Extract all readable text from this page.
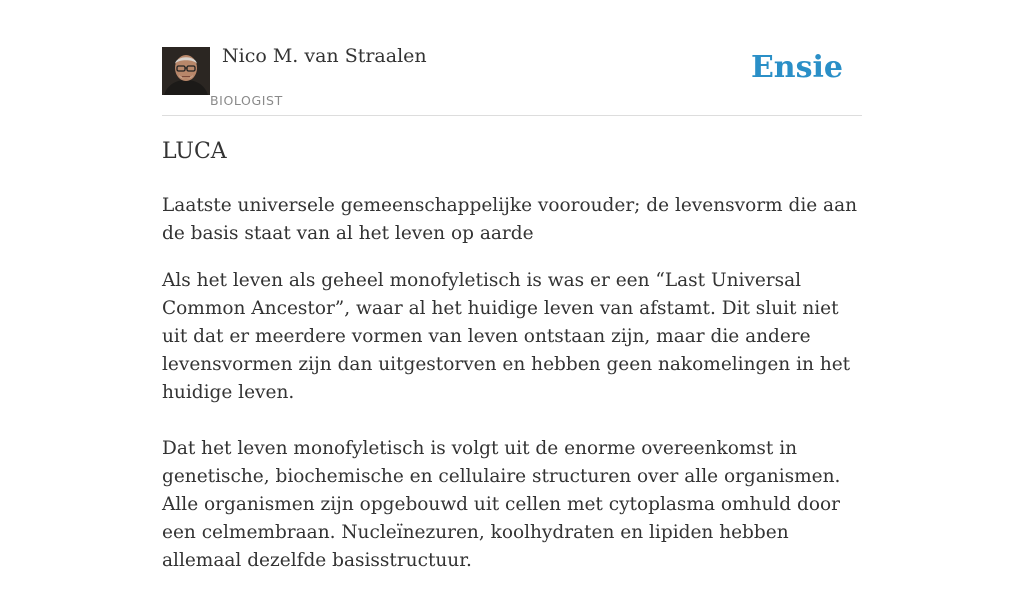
Nico M. van Straalen
BIOLOGIST
Ensie
LUCA

Laatste universele gemeenschappelijke voorouder; de levensvorm die aan de basis staat van al het leven op aarde

Als het leven als geheel monofyletisch is was er een “Last Universal Common Ancestor”, waar al het huidige leven van afstamt. Dit sluit niet uit dat er meerdere vormen van leven ontstaan zijn, maar die andere levensvormen zijn dan uitgestorven en hebben geen nakomelingen in het huidige leven.

Dat het leven monofyletisch is volgt uit de enorme overeenkomst in genetische, biochemische en cellulaire structuren over alle organismen. Alle organismen zijn opgebouwd uit cellen met cytoplasma omhuld door een celmembraan. Nucleïnezuren, koolhydraten en lipiden hebben allemaal dezelfde basisstructuur.
